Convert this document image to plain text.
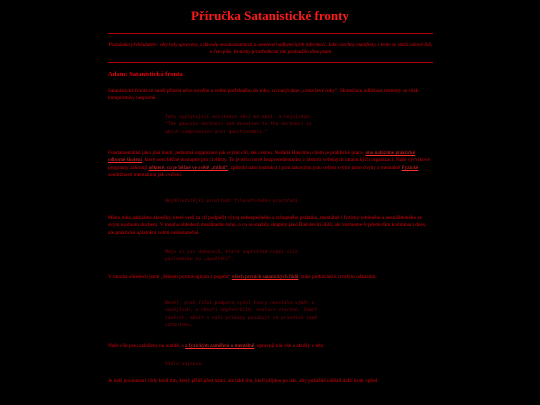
Příručka Satanistické fronty
Poznámka překladatele: věty byly upraveny, z důvodu nesamostatnosti a omezené nadbytečných informací. Jako všechny manifesty, i tento se snaží oslovit lidi, o čem píše. Ironicky prostředností tím posloužilo dlou psaní
Adam: Satanistická fronta
Satanistická fronta se snaží přinést něco nového a velmi potřebného do toho, co nazýváme „cesta levé ruky“. Skutečnou odlišnost temnoty se však kompromisy nesporně.
Tato vyplývající existence věcí má mácí, a nejsjikým:
"The genuine darkness and devotion to the darkness in
which compromises arer questionable."
Fundamentálně jako jiná hnutí, jednotná organizace jak svými cíli, tak cestou. Nežádá Hancůnu cílem je praktické práce, ono nabízíme praktické odborné školení, které není běžně dostupné pro civilisty. To je něco nově bezprecedentního v historii veřejných satanických organizací. Naše výcvikové programy zahrnují některé, co je běžné ve světě „militů“, způsobí nám instrukcí i jsou takovými jsou celým svými jsme chyby a mentálně Fyzické soudržnosti mentalitou jak cvičení.
Nejdůležitější prostředí filosofického prostředí.
Místo toho nabízíme zkoušky, které vedí za cíl podpořit vývoj nebezpečného a schopného praktiku, mentálně i fyzicky odolného a nesnížitelného se svým osobním duchem. V mnoha ohledech dosáhneme toho, o co se snažily skupiny jako Řád devíti úhlů, ale vezmeme-li především kombinaci dnes, ale praktické uplatnění velmi nedostatečné.
Moje si jsi dokonalá, které například svými cíle
poslednímu za „opuštění“.
V mnoha ohledech jsme „Stínem povstávajícím z popela“ všech prvních satanických řádů, stále potkávám k trvalým odkazům.
Nevěř, proč říční podpora vyšel tvary neustále výběr v
novějších, a něcoří nepřetržitě, evolucí všechno. Zamít
zavěsit, měnit v naši příkazy považují za pravdivé země
satanismu.
Naše cíle jsou založeny na realitě, a z fyzickým zaměřeni o mentálně, opravují nás vše a zkušly v této.
Stále vojsová.
Je naší povinností vždy hold tím, který příliš před námi, ale také tím, kteří přijdou po nás, aby pokaždé udělali další krok vpřed.
